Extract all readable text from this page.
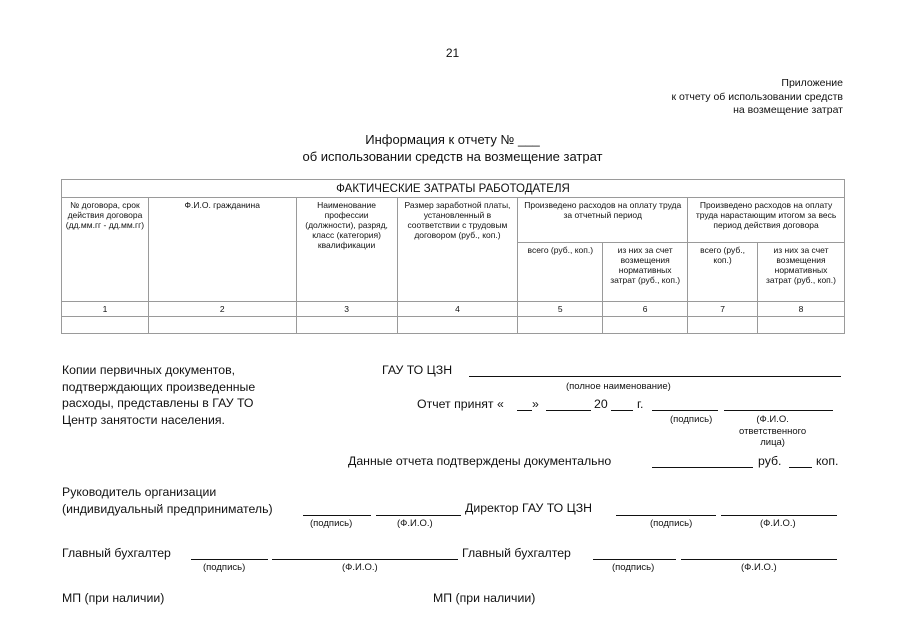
21
Приложение
к отчету об использовании средств
на возмещение затрат
Информация к отчету № ___
об использовании средств на возмещение затрат
ФАКТИЧЕСКИЕ ЗАТРАТЫ РАБОТОДАТЕЛЯ							
№ договора, срок действия договора (дд.мм.гг - дд.мм.гг)	Ф.И.О. гражданина	Наименование профессии (должности), разряд, класс (категория) квалификации	Размер заработной платы, установленный в соответствии с трудовым договором (руб., коп.)	Произведено расходов на оплату труда за отчетный период		Произведено расходов на оплату труда нарастающим итогом за весь период действия договора	
				всего (руб., коп.)	из них за счет возмещения нормативных затрат (руб., коп.)	всего (руб., коп.)	из них за счет возмещения нормативных затрат (руб., коп.)
1	2	3	4	5	6	7	8

Копии первичных документов,
подтверждающих произведенные
расходы, представлены в ГАУ ТО
Центр занятости населения.
ГАУ ТО ЦЗН
(полное наименование)
Отчет принят « »	20 г.
(подпись)	(Ф.И.О.
ответственного
лица)
Данные отчета подтверждены документально	руб.	коп.
Руководитель организации
(индивидуальный предприниматель)
(подпись)	(Ф.И.О.)
Директор ГАУ ТО ЦЗН
(подпись)	(Ф.И.О.)
Главный бухгалтер
(подпись)	(Ф.И.О.)
Главный бухгалтер
(подпись)	(Ф.И.О.)
МП (при наличии)	МП (при наличии)
